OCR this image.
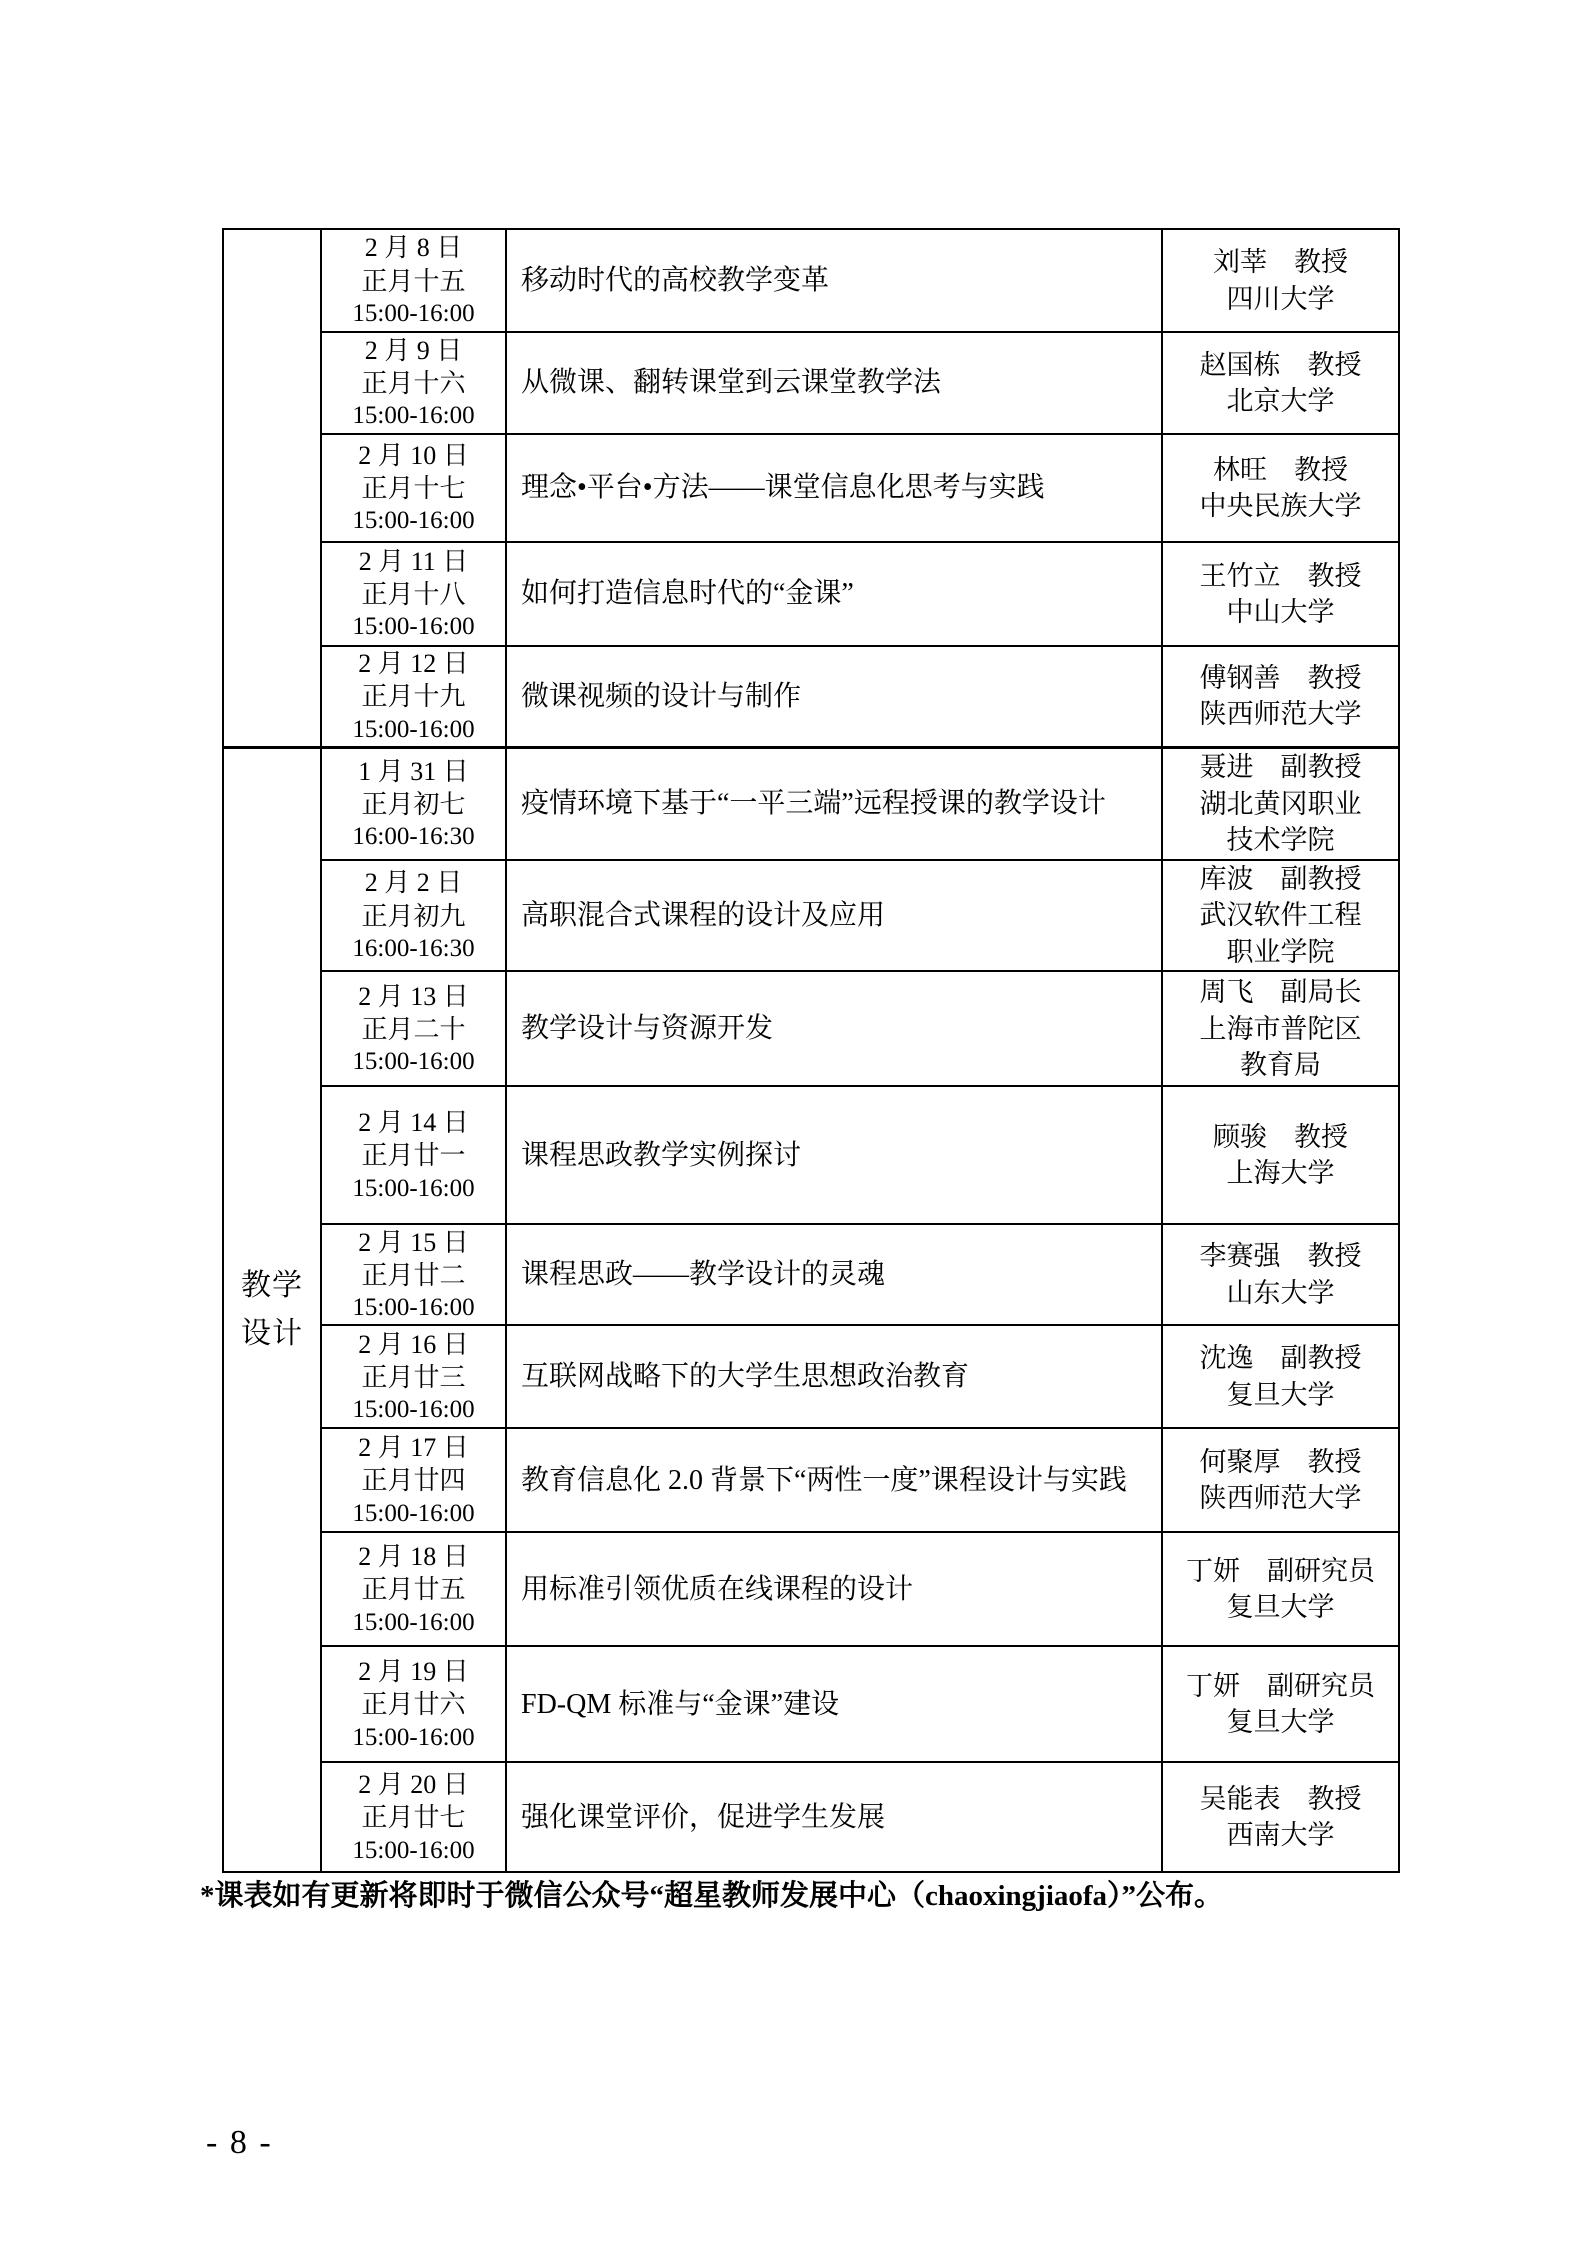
2 月 8 日
正月十五
15:00-16:00
	移动时代的高校教学变革	
刘莘　教授
四川大学

2 月 9 日
正月十六
15:00-16:00
	从微课、翻转课堂到云课堂教学法	
赵国栋　教授
北京大学

2 月 10 日
正月十七
15:00-16:00
	理念•平台•方法——课堂信息化思考与实践	
林旺　教授
中央民族大学

2 月 11 日
正月十八
15:00-16:00
	如何打造信息时代的“金课”	
王竹立　教授
中山大学

2 月 12 日
正月十九
15:00-16:00
	微课视频的设计与制作	
傅钢善　教授
陕西师范大学

教学设计	
1 月 31 日
正月初七
16:00-16:30
	疫情环境下基于“一平三端”远程授课的教学设计	
聂进　副教授
湖北黄冈职业
技术学院

2 月 2 日
正月初九
16:00-16:30
	高职混合式课程的设计及应用	
库波　副教授
武汉软件工程
职业学院

2 月 13 日
正月二十
15:00-16:00
	教学设计与资源开发	
周飞　副局长
上海市普陀区
教育局

2 月 14 日
正月廿一
15:00-16:00
	课程思政教学实例探讨	
顾骏　教授
上海大学

2 月 15 日
正月廿二
15:00-16:00
	课程思政——教学设计的灵魂	
李赛强　教授
山东大学

2 月 16 日
正月廿三
15:00-16:00
	互联网战略下的大学生思想政治教育	
沈逸　副教授
复旦大学

2 月 17 日
正月廿四
15:00-16:00
	教育信息化 2.0 背景下“两性一度”课程设计与实践	
何聚厚　教授
陕西师范大学

2 月 18 日
正月廿五
15:00-16:00
	用标准引领优质在线课程的设计	
丁妍　副研究员
复旦大学

2 月 19 日
正月廿六
15:00-16:00
	FD-QM 标准与“金课”建设	
丁妍　副研究员
复旦大学

2 月 20 日
正月廿七
15:00-16:00
	强化课堂评价，促进学生发展	
吴能表　教授
西南大学
*课表如有更新将即时于微信公众号“超星教师发展中心（chaoxingjiaofa）”公布。
- 8 -
